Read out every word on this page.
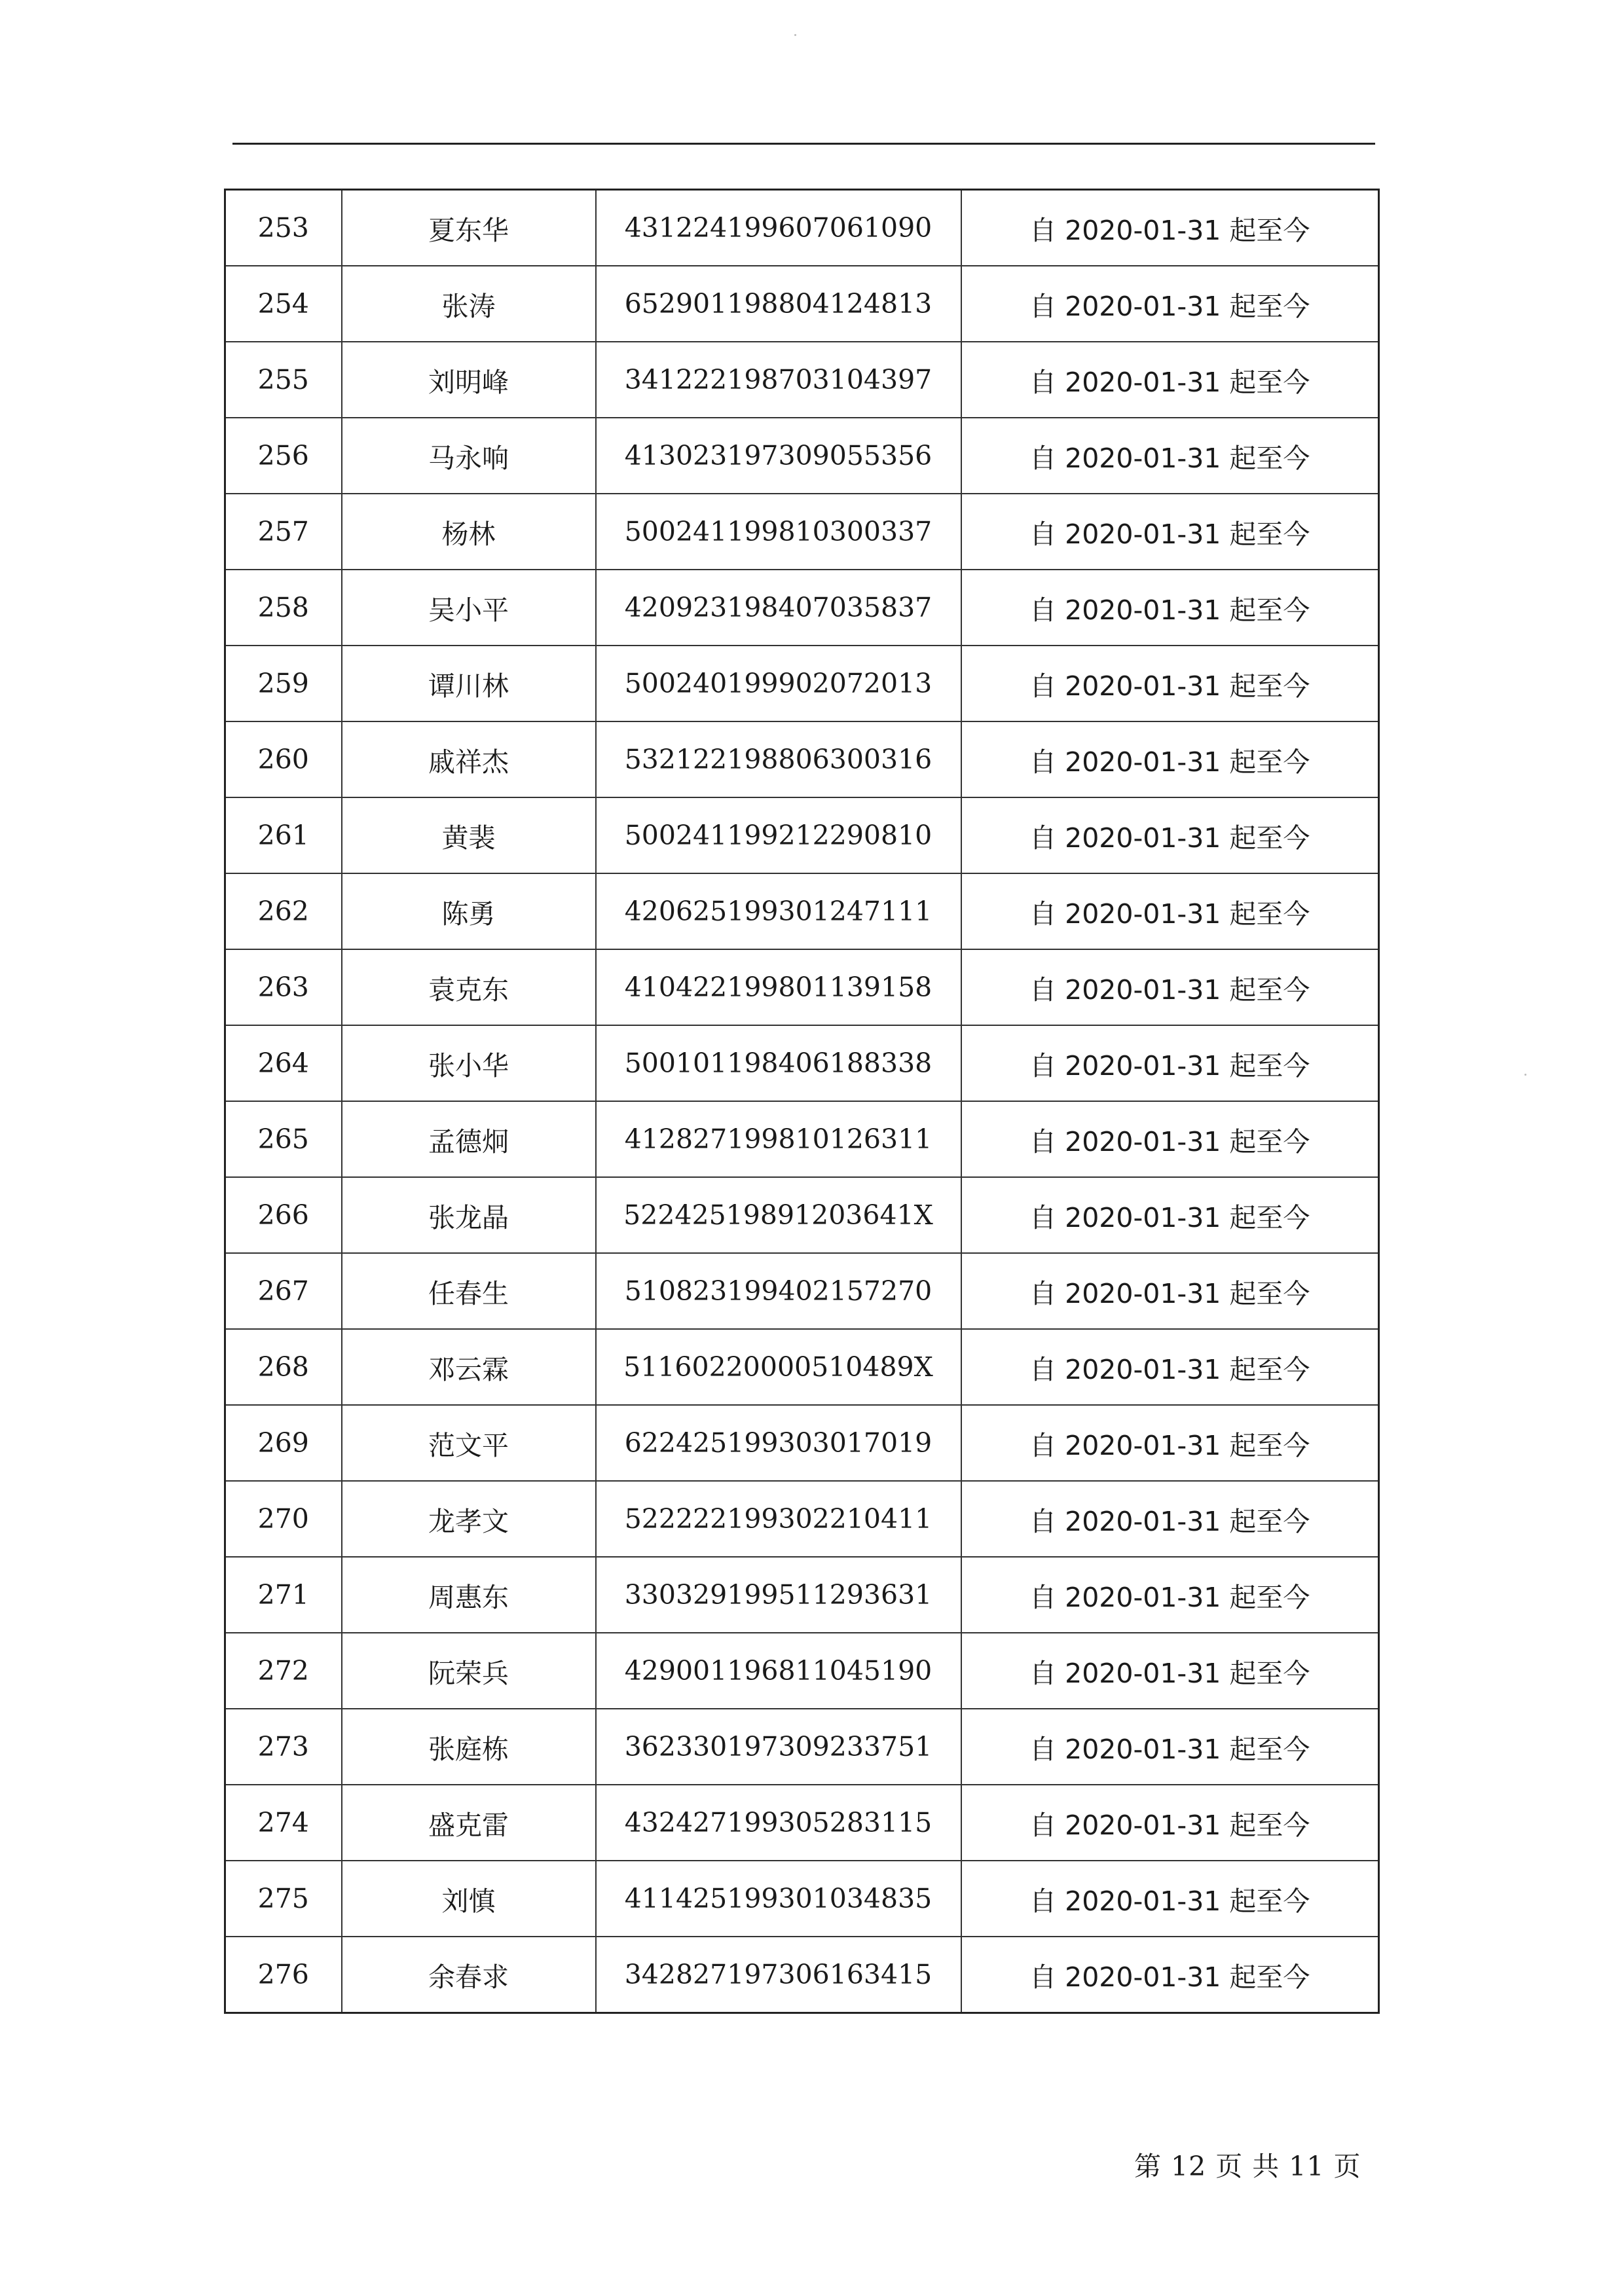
253	夏东华	431224199607061090	自 2020-01-31 起至今
254	张涛	652901198804124813	自 2020-01-31 起至今
255	刘明峰	341222198703104397	自 2020-01-31 起至今
256	马永响	413023197309055356	自 2020-01-31 起至今
257	杨林	500241199810300337	自 2020-01-31 起至今
258	吴小平	420923198407035837	自 2020-01-31 起至今
259	谭川林	500240199902072013	自 2020-01-31 起至今
260	戚祥杰	532122198806300316	自 2020-01-31 起至今
261	黄裴	500241199212290810	自 2020-01-31 起至今
262	陈勇	420625199301247111	自 2020-01-31 起至今
263	袁克东	410422199801139158	自 2020-01-31 起至今
264	张小华	500101198406188338	自 2020-01-31 起至今
265	孟德炯	412827199810126311	自 2020-01-31 起至今
266	张龙晶	52242519891203641X	自 2020-01-31 起至今
267	任春生	510823199402157270	自 2020-01-31 起至今
268	邓云霖	51160220000510489X	自 2020-01-31 起至今
269	范文平	622425199303017019	自 2020-01-31 起至今
270	龙孝文	522222199302210411	自 2020-01-31 起至今
271	周惠东	330329199511293631	自 2020-01-31 起至今
272	阮荣兵	429001196811045190	自 2020-01-31 起至今
273	张庭栋	362330197309233751	自 2020-01-31 起至今
274	盛克雷	432427199305283115	自 2020-01-31 起至今
275	刘慎	411425199301034835	自 2020-01-31 起至今
276	余春求	342827197306163415	自 2020-01-31 起至今
第 12 页 共 11 页
